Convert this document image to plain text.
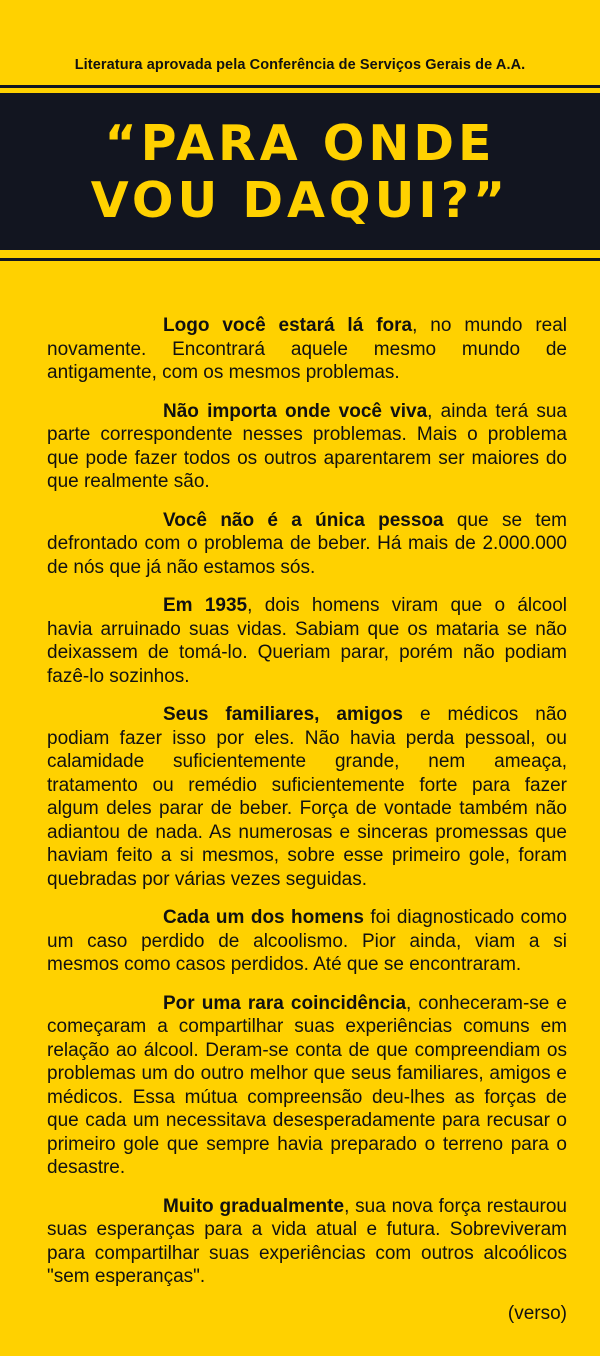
Literatura aprovada pela Conferência de Serviços Gerais de A.A.
“PARA ONDE
VOU DAQUI?”

Logo você estará lá fora, no mundo real novamente. Encontrará aquele mesmo mundo de antigamente, com os mesmos problemas.

Não importa onde você viva, ainda terá sua parte correspondente nesses problemas. Mais o problema que pode fazer todos os outros aparentarem ser maiores do que realmente são.

Você não é a única pessoa que se tem defrontado com o problema de beber. Há mais de 2.000.000 de nós que já não estamos sós.

Em 1935, dois homens viram que o álcool havia arruinado suas vidas. Sabiam que os mataria se não deixassem de tomá-lo. Queriam parar, porém não podiam fazê-lo sozinhos.

Seus familiares, amigos e médicos não podiam fazer isso por eles. Não havia perda pessoal, ou calamidade suficientemente grande, nem ameaça, tratamento ou remédio suficientemente forte para fazer algum deles parar de beber. Força de vontade também não adiantou de nada. As numerosas e sinceras promessas que haviam feito a si mesmos, sobre esse primeiro gole, foram quebradas por várias vezes seguidas.

Cada um dos homens foi diagnosticado como um caso perdido de alcoolismo. Pior ainda, viam a si mesmos como casos perdidos. Até que se encontraram.

Por uma rara coincidência, conheceram-se e começaram a compartilhar suas experiências comuns em relação ao álcool. Deram-se conta de que compreendiam os problemas um do outro melhor que seus familiares, amigos e médicos. Essa mútua compreensão deu-lhes as forças de que cada um necessitava desesperadamente para recusar o primeiro gole que sempre havia preparado o terreno para o desastre.

Muito gradualmente, sua nova força restaurou suas esperanças para a vida atual e futura. Sobreviveram para compartilhar suas experiências com outros alcoólicos "sem esperanças".

(verso)
